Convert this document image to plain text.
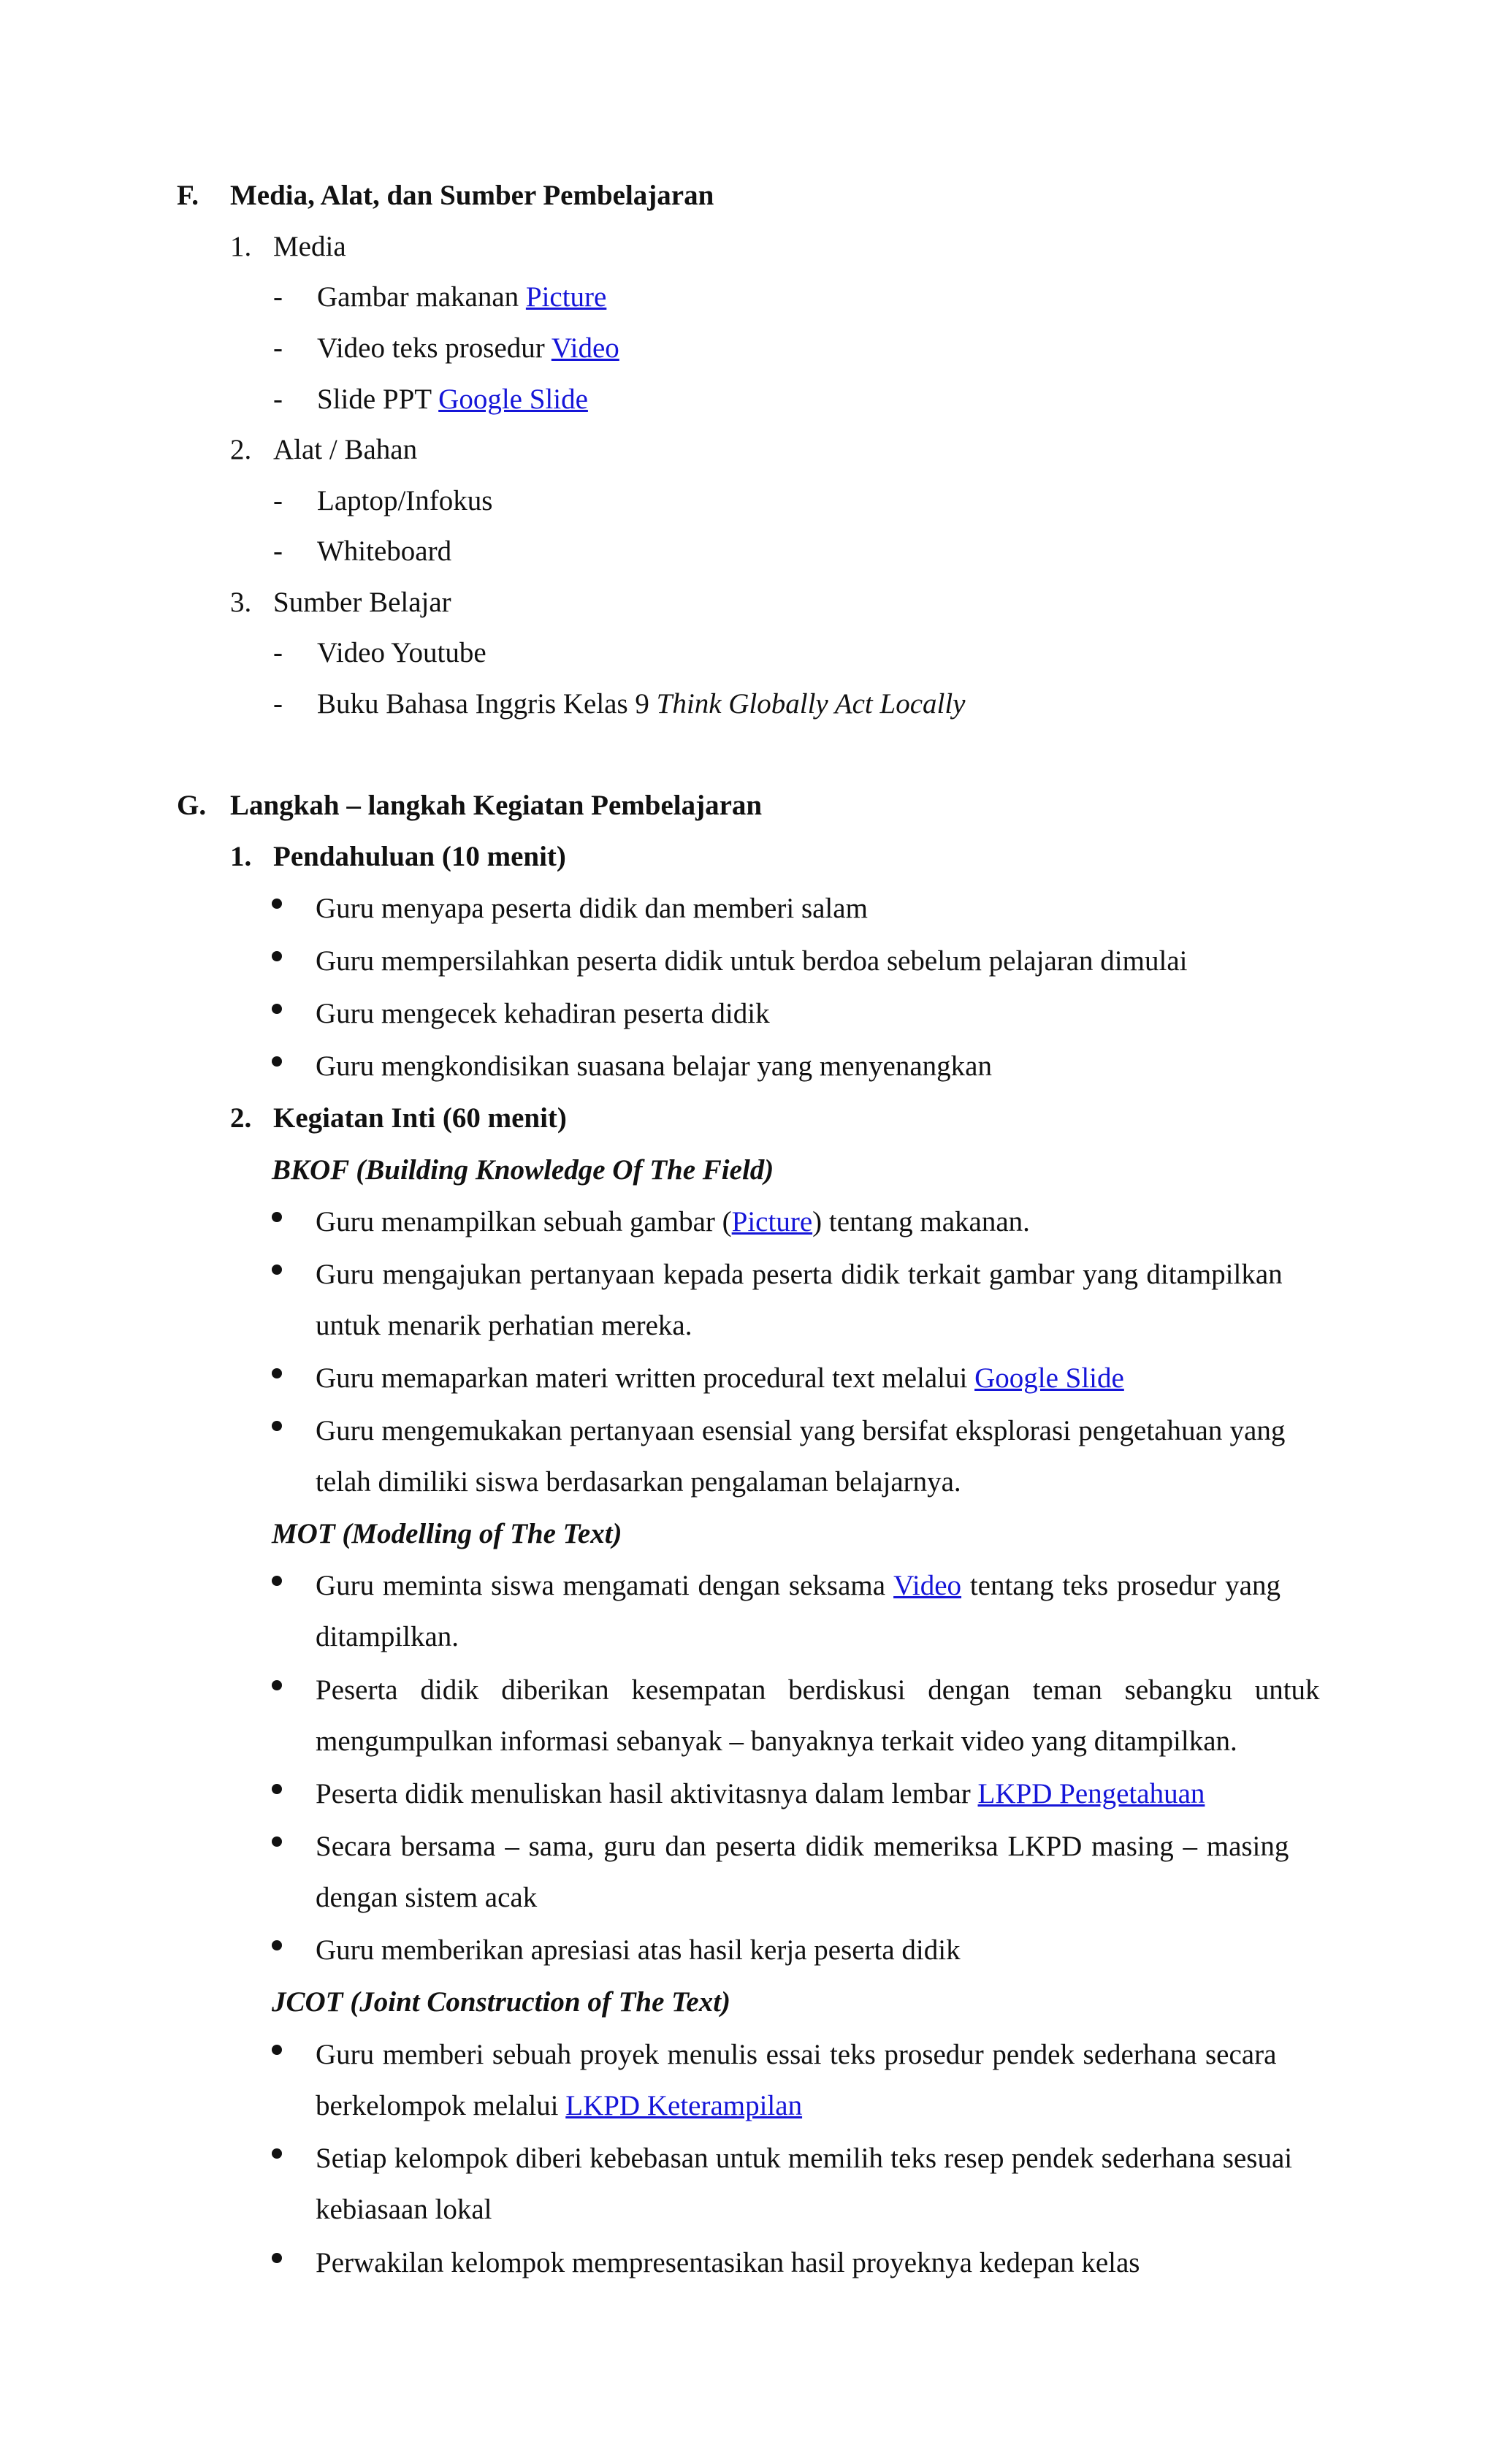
F. Media, Alat, dan Sumber Pembelajaran
1. Media
- Gambar makanan Picture
- Video teks prosedur Video
- Slide PPT Google Slide
2. Alat / Bahan
- Laptop/Infokus
- Whiteboard
3. Sumber Belajar
- Video Youtube
- Buku Bahasa Inggris Kelas 9 Think Globally Act Locally
G. Langkah – langkah Kegiatan Pembelajaran
1. Pendahuluan (10 menit)
Guru menyapa peserta didik dan memberi salam
Guru mempersilahkan peserta didik untuk berdoa sebelum pelajaran dimulai
Guru mengecek kehadiran peserta didik
Guru mengkondisikan suasana belajar yang menyenangkan
2. Kegiatan Inti (60 menit)
BKOF (Building Knowledge Of The Field)
Guru menampilkan sebuah gambar (Picture) tentang makanan.
Guru mengajukan pertanyaan kepada peserta didik terkait gambar yang ditampilkan
untuk menarik perhatian mereka.
Guru memaparkan materi written procedural text melalui Google Slide
Guru mengemukakan pertanyaan esensial yang bersifat eksplorasi pengetahuan yang
telah dimiliki siswa berdasarkan pengalaman belajarnya.
MOT (Modelling of The Text)
Guru meminta siswa mengamati dengan seksama Video tentang teks prosedur yang
ditampilkan.
Peserta didik diberikan kesempatan berdiskusi dengan teman sebangku untuk
mengumpulkan informasi sebanyak – banyaknya terkait video yang ditampilkan.
Peserta didik menuliskan hasil aktivitasnya dalam lembar LKPD Pengetahuan
Secara bersama – sama, guru dan peserta didik memeriksa LKPD masing – masing
dengan sistem acak
Guru memberikan apresiasi atas hasil kerja peserta didik
JCOT (Joint Construction of The Text)
Guru memberi sebuah proyek menulis essai teks prosedur pendek sederhana secara
berkelompok melalui LKPD Keterampilan
Setiap kelompok diberi kebebasan untuk memilih teks resep pendek sederhana sesuai
kebiasaan lokal
Perwakilan kelompok mempresentasikan hasil proyeknya kedepan kelas
